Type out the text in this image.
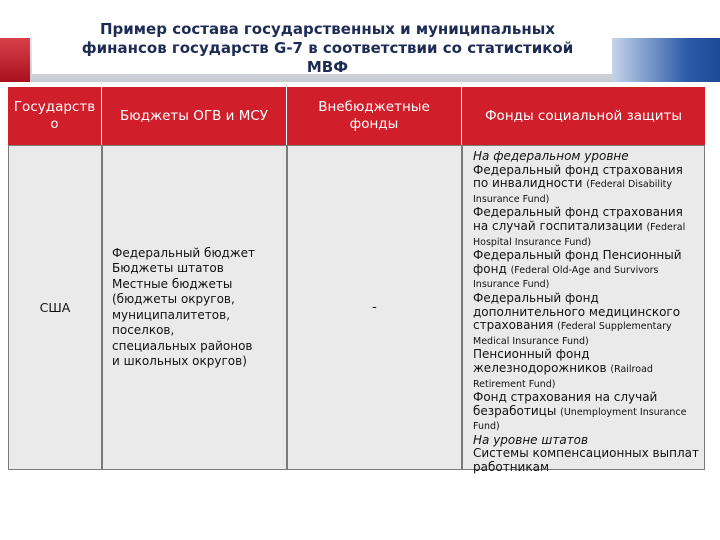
Пример состава государственных и муниципальных
финансов государств G-7 в соответствии со статистикой
МВФ
Государств
о
Бюджеты ОГВ и МСУ
Внебюджетные
фонды
Фонды социальной защиты
США
Федеральный бюджет
Бюджеты штатов
Местные бюджеты
(бюджеты округов,
муниципалитетов,
поселков,
специальных районов
и школьных округов)
-
На федеральном уровне
Федеральный фонд страхования по инвалидности (Federal Disability Insurance Fund)
Федеральный фонд страхования на случай госпитализации (Federal Hospital Insurance Fund)
Федеральный фонд Пенсионный фонд (Federal Old-Age and Survivors Insurance Fund)
Федеральный фонд дополнительного медицинского страхования (Federal Supplementary Medical Insurance Fund)
Пенсионный фонд железнодорожников (Railroad Retirement Fund)
Фонд страхования на случай безработицы (Unemployment Insurance Fund)
На уровне штатов
Системы компенсационных выплат работникам
